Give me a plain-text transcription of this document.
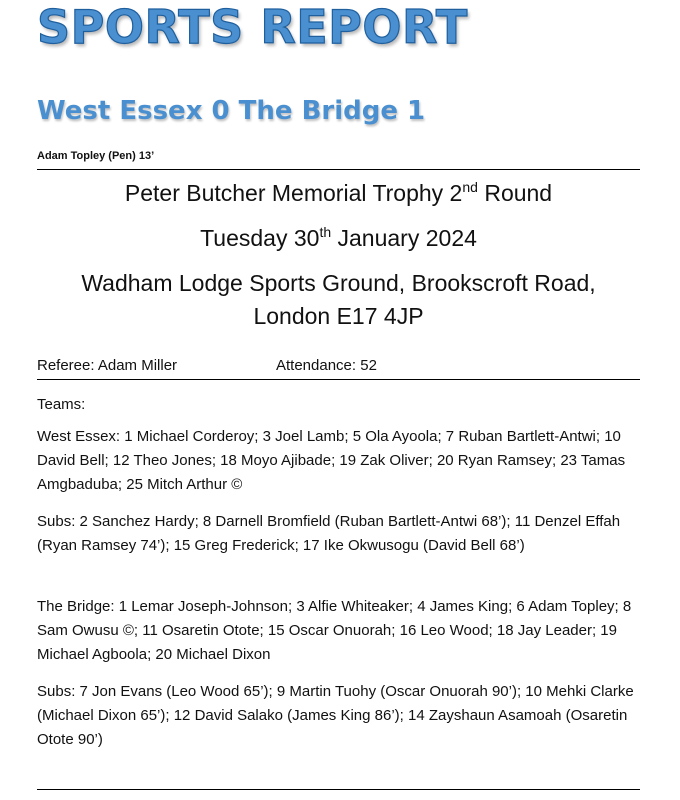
SPORTS REPORT
West Essex 0 The Bridge 1

Adam Topley (Pen) 13’

Peter Butcher Memorial Trophy 2nd Round
Tuesday 30th January 2024
Wadham Lodge Sports Ground, Brookscroft Road,
London E17 4JP
Referee: Adam Miller	Attendance: 52

Teams:

West Essex: 1 Michael Corderoy; 3 Joel Lamb; 5 Ola Ayoola; 7 Ruban Bartlett-Antwi; 10 David Bell; 12 Theo Jones; 18 Moyo Ajibade; 19 Zak Oliver; 20 Ryan Ramsey; 23 Tamas Amgbaduba; 25 Mitch Arthur ©

Subs: 2 Sanchez Hardy; 8 Darnell Bromfield (Ruban Bartlett-Antwi 68’); 11 Denzel Effah (Ryan Ramsey 74’); 15 Greg Frederick; 17 Ike Okwusogu (David Bell 68’)

The Bridge: 1 Lemar Joseph-Johnson; 3 Alfie Whiteaker; 4 James King; 6 Adam Topley; 8 Sam Owusu ©; 11 Osaretin Otote; 15 Oscar Onuorah; 16 Leo Wood; 18 Jay Leader; 19 Michael Agboola; 20 Michael Dixon

Subs: 7 Jon Evans (Leo Wood 65’); 9 Martin Tuohy (Oscar Onuorah 90’); 10 Mehki Clarke (Michael Dixon 65’); 12 David Salako (James King 86’); 14 Zayshaun Asamoah (Osaretin Otote 90’)
